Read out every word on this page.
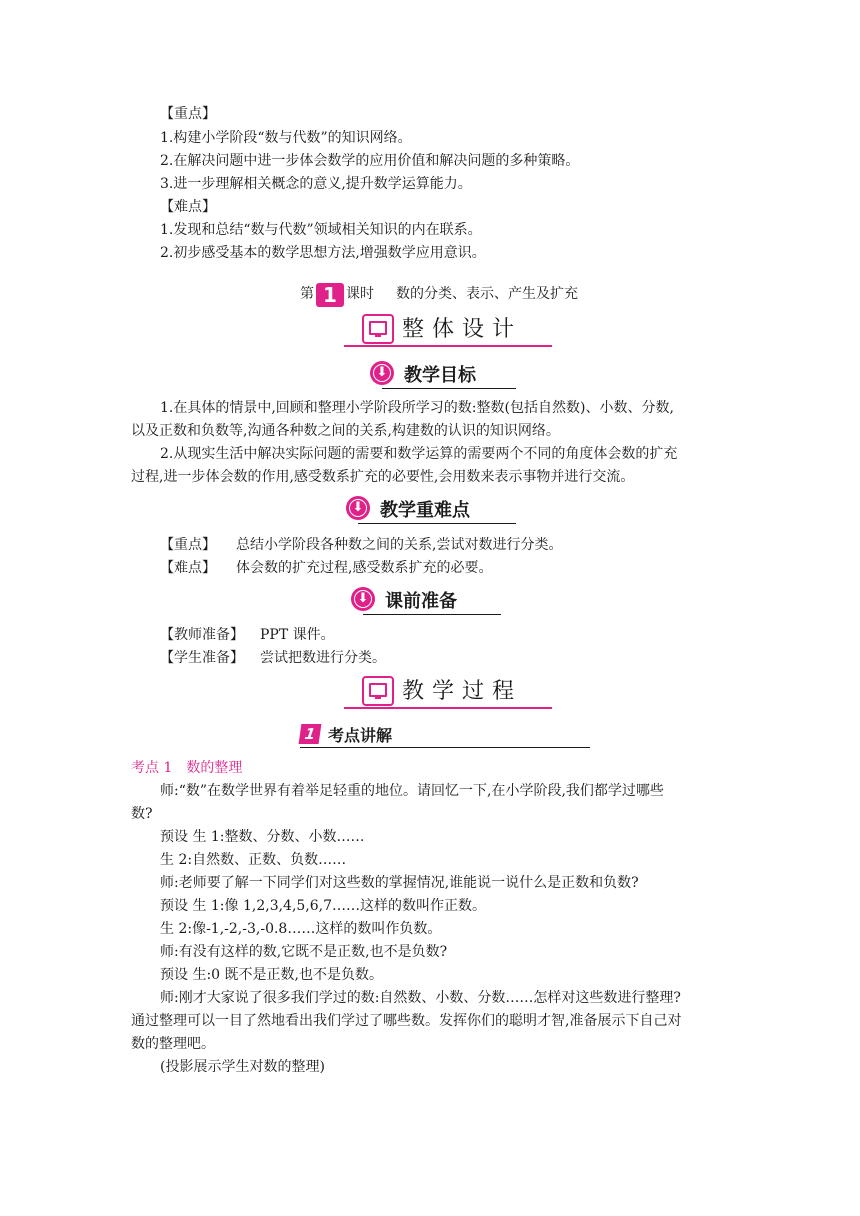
【重点】
1.构建小学阶段“数与代数”的知识网络。
2.在解决问题中进一步体会数学的应用价值和解决问题的多种策略。
3.进一步理解相关概念的意义,提升数学运算能力。
【难点】
1.发现和总结“数与代数”领域相关知识的内在联系。
2.初步感受基本的数学思想方法,增强数学应用意识。
第 1 课时 数的分类、表示、产生及扩充
整体设计
⬇ 教学目标
1.在具体的情景中,回顾和整理小学阶段所学习的数:整数(包括自然数)、小数、分数,
以及正数和负数等,沟通各种数之间的关系,构建数的认识的知识网络。
2.从现实生活中解决实际问题的需要和数学运算的需要两个不同的角度体会数的扩充
过程,进一步体会数的作用,感受数系扩充的必要性,会用数来表示事物并进行交流。
⬇ 教学重难点
【重点】 总结小学阶段各种数之间的关系,尝试对数进行分类。
【难点】 体会数的扩充过程,感受数系扩充的必要。
⬇ 课前准备
【教师准备】 PPT 课件。
【学生准备】 尝试把数进行分类。
教学过程
1 考点讲解
考点 1　数的整理
师:“数”在数学世界有着举足轻重的地位。请回忆一下,在小学阶段,我们都学过哪些
数?
预设 生 1:整数、分数、小数……
生 2:自然数、正数、负数……
师:老师要了解一下同学们对这些数的掌握情况,谁能说一说什么是正数和负数?
预设 生 1:像 1,2,3,4,5,6,7……这样的数叫作正数。
生 2:像-1,-2,-3,-0.8……这样的数叫作负数。
师:有没有这样的数,它既不是正数,也不是负数?
预设 生:0 既不是正数,也不是负数。
师:刚才大家说了很多我们学过的数:自然数、小数、分数……怎样对这些数进行整理?
通过整理可以一目了然地看出我们学过了哪些数。发挥你们的聪明才智,准备展示下自己对
数的整理吧。
(投影展示学生对数的整理)
